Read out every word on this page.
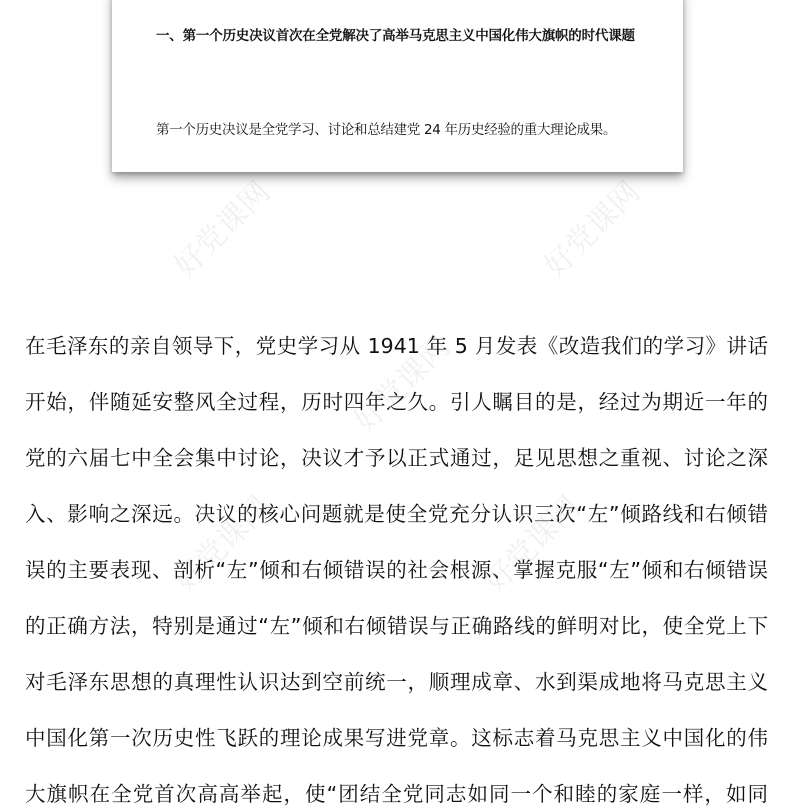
好党课网	好党课网
好党课网
好党课网	好党课网
一、第一个历史决议首次在全党解决了高举马克思主义中国化伟大旗帜的时代课题
第一个历史决议是全党学习、讨论和总结建党 24 年历史经验的重大理论成果。
在毛泽东的亲自领导下，党史学习从 1941 年 5 月发表《改造我们的学习》讲话
开始，伴随延安整风全过程，历时四年之久。引人瞩目的是，经过为期近一年的
党的六届七中全会集中讨论，决议才予以正式通过，足见思想之重视、讨论之深
入、影响之深远。决议的核心问题就是使全党充分认识三次“左”倾路线和右倾错
误的主要表现、剖析“左”倾和右倾错误的社会根源、掌握克服“左”倾和右倾错误
的正确方法，特别是通过“左”倾和右倾错误与正确路线的鲜明对比，使全党上下
对毛泽东思想的真理性认识达到空前统一，顺理成章、水到渠成地将马克思主义
中国化第一次历史性飞跃的理论成果写进党章。这标志着马克思主义中国化的伟
大旗帜在全党首次高高举起，使“团结全党同志如同一个和睦的家庭一样，如同
